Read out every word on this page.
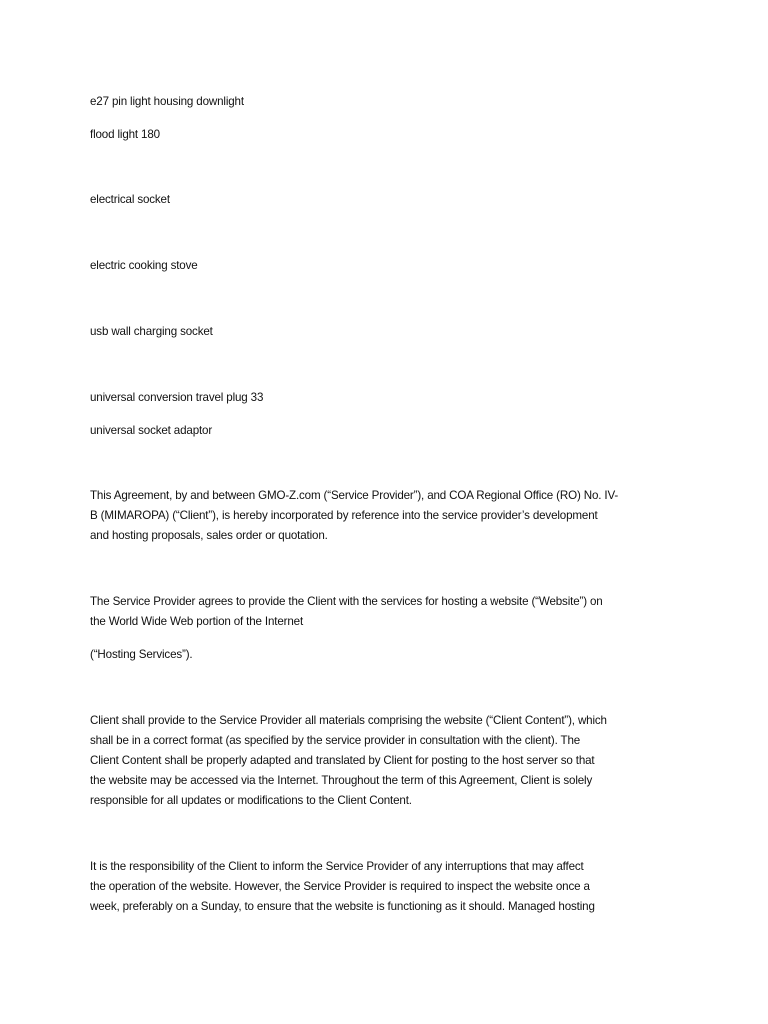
e27 pin light housing downlight

flood light 180

electrical socket

electric cooking stove

usb wall charging socket

universal conversion travel plug 33

universal socket adaptor

This Agreement, by and between GMO-Z.com (“Service Provider”), and COA Regional Office (RO) No. IV-

B (MIMAROPA) (“Client”), is hereby incorporated by reference into the service provider’s development

and hosting proposals, sales order or quotation.

The Service Provider agrees to provide the Client with the services for hosting a website (“Website”) on

the World Wide Web portion of the Internet

(“Hosting Services”).

Client shall provide to the Service Provider all materials comprising the website (“Client Content”), which

shall be in a correct format (as specified by the service provider in consultation with the client). The

Client Content shall be properly adapted and translated by Client for posting to the host server so that

the website may be accessed via the Internet. Throughout the term of this Agreement, Client is solely

responsible for all updates or modifications to the Client Content.

It is the responsibility of the Client to inform the Service Provider of any interruptions that may affect

the operation of the website. However, the Service Provider is required to inspect the website once a

week, preferably on a Sunday, to ensure that the website is functioning as it should. Managed hosting
